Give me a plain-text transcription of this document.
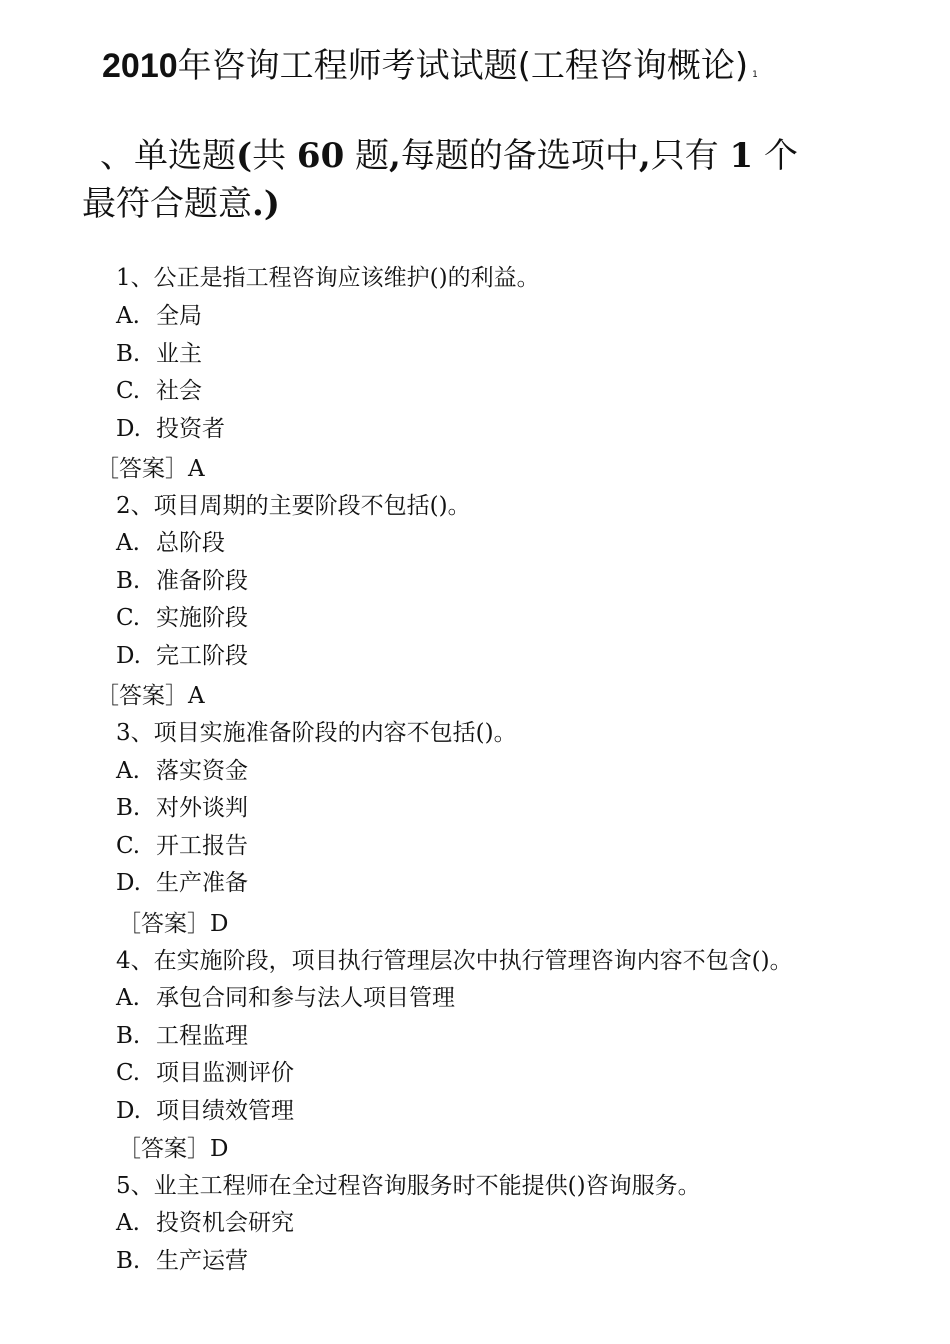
2010年咨询工程师考试试题(工程咨询概论) 1
、单选题(共 60 题,每题的备选项中,只有 1 个
最符合题意.)
1、公正是指工程咨询应该维护()的利益。
A. 全局
B. 业主
C. 社会
D. 投资者
［答案］A
2、项目周期的主要阶段不包括()。
A. 总阶段
B. 准备阶段
C. 实施阶段
D. 完工阶段
［答案］A
3、项目实施准备阶段的内容不包括()。
A. 落实资金
B. 对外谈判
C. 开工报告
D. 生产准备
［答案］D
4、在实施阶段，项目执行管理层次中执行管理咨询内容不包含()。
A. 承包合同和参与法人项目管理
B. 工程监理
C. 项目监测评价
D. 项目绩效管理
［答案］D
5、业主工程师在全过程咨询服务时不能提供()咨询服务。
A. 投资机会研究
B. 生产运营
